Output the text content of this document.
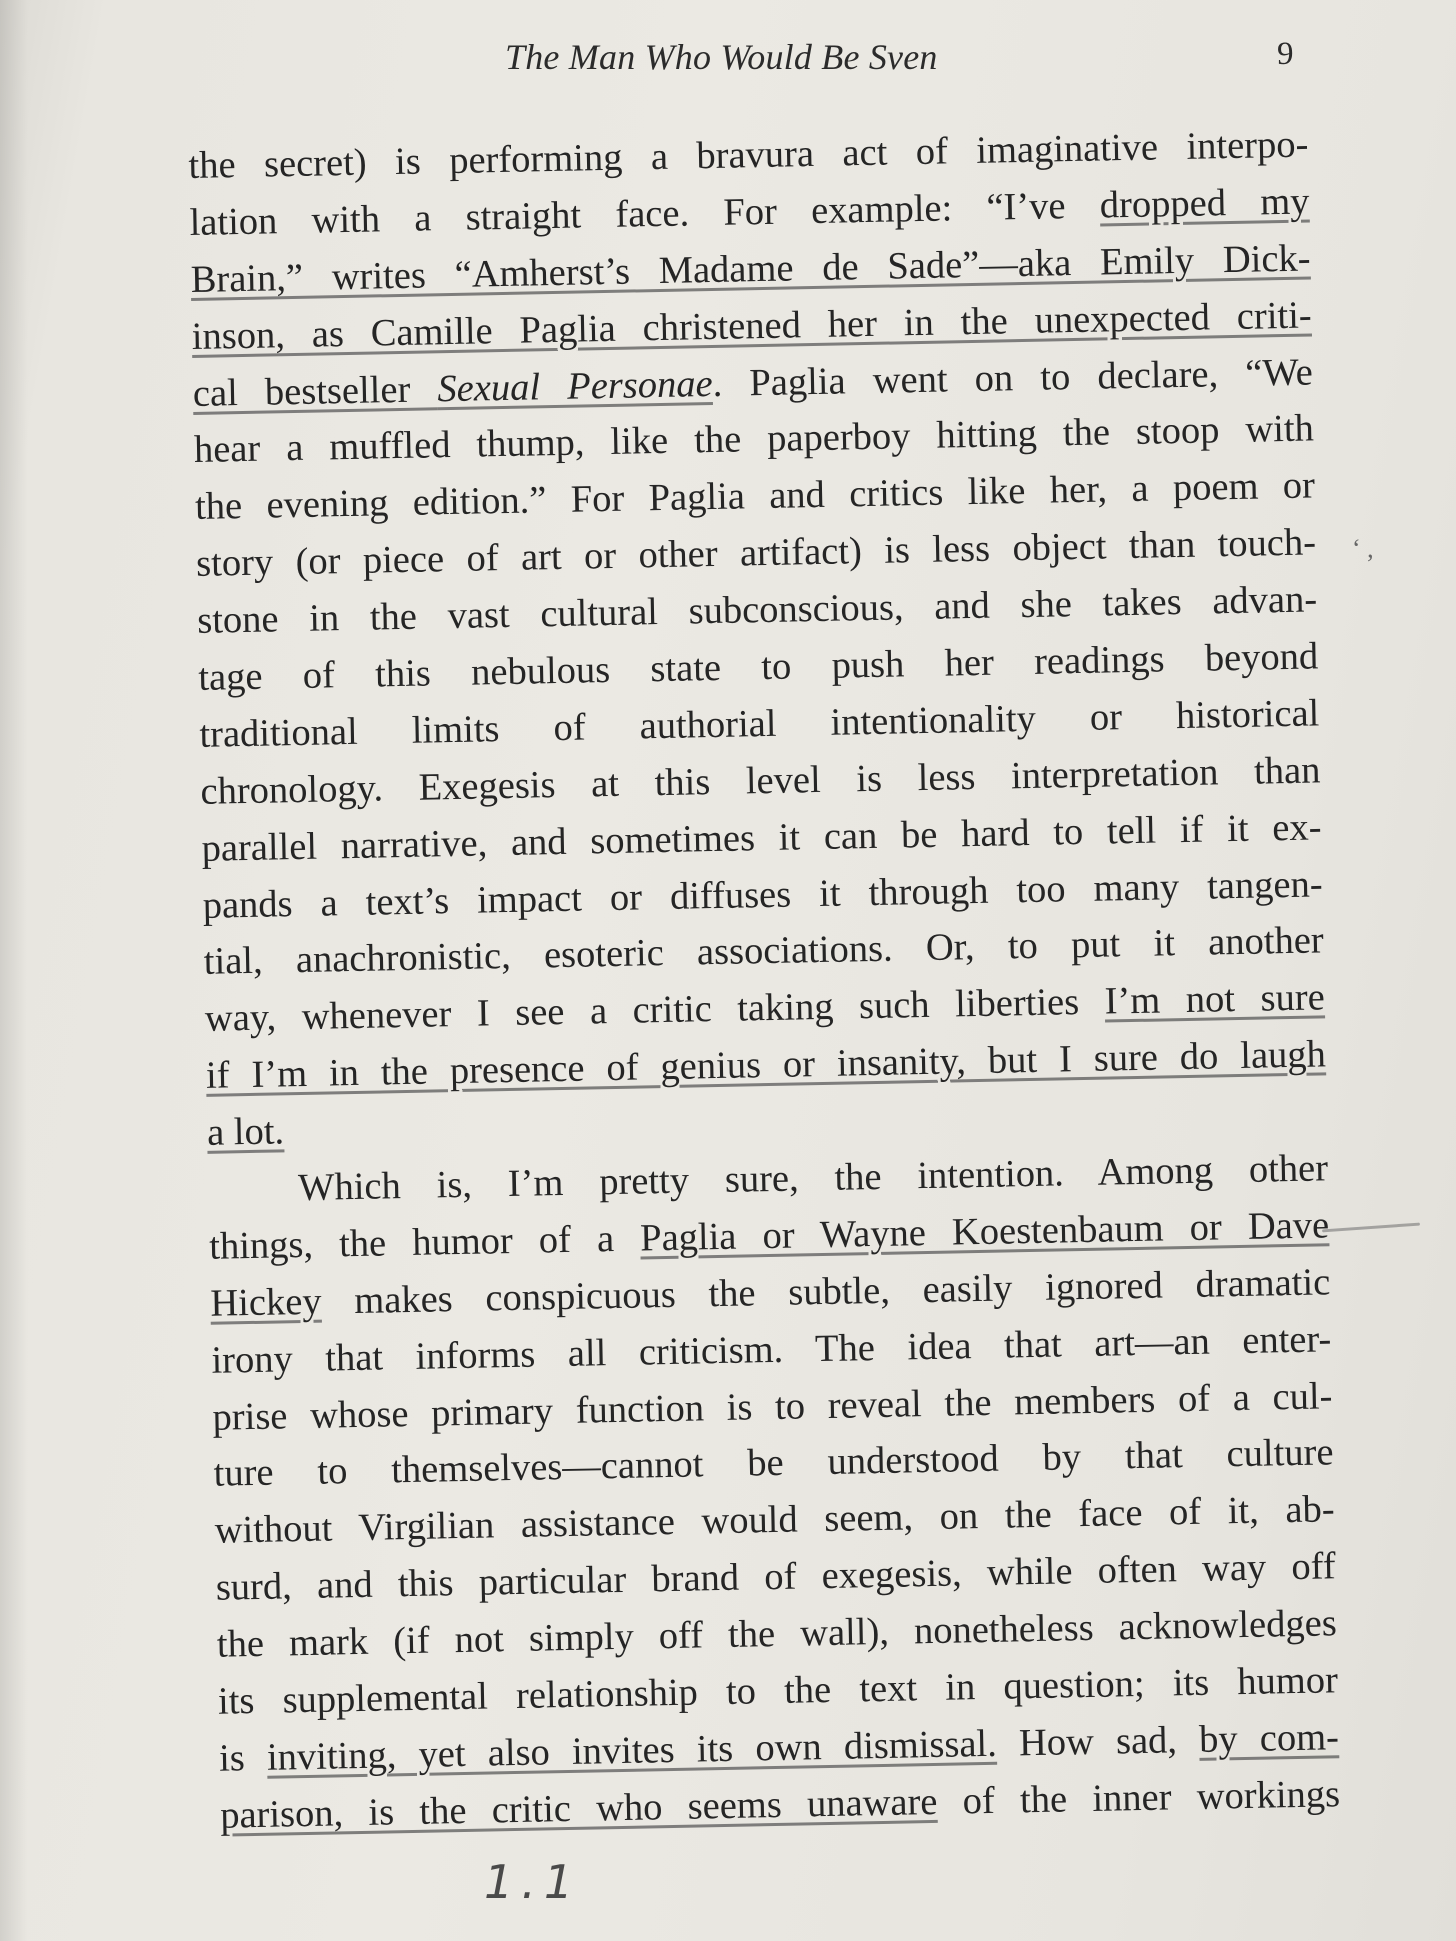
The Man Who Would Be Sven	9
the secret) is performing a bravura act of imaginative interpo-
lation with a straight face. For example: “I’ve dropped my
Brain,” writes “Amherst’s Madame de Sade”—aka Emily Dick-
inson, as Camille Paglia christened her in the unexpected criti-
cal bestseller Sexual Personae. Paglia went on to declare, “We
hear a muffled thump, like the paperboy hitting the stoop with
the evening edition.” For Paglia and critics like her, a poem or
story (or piece of art or other artifact) is less object than touch-
stone in the vast cultural subconscious, and she takes advan-
tage of this nebulous state to push her readings beyond
traditional limits of authorial intentionality or historical
chronology. Exegesis at this level is less interpretation than
parallel narrative, and sometimes it can be hard to tell if it ex-
pands a text’s impact or diffuses it through too many tangen-
tial, anachronistic, esoteric associations. Or, to put it another
way, whenever I see a critic taking such liberties I’m not sure
if I’m in the presence of genius or insanity, but I sure do laugh
a lot.
Which is, I’m pretty sure, the intention. Among other
things, the humor of a Paglia or Wayne Koestenbaum or Dave
Hickey makes conspicuous the subtle, easily ignored dramatic
irony that informs all criticism. The idea that art—an enter-
prise whose primary function is to reveal the members of a cul-
ture to themselves—cannot be understood by that culture
without Virgilian assistance would seem, on the face of it, ab-
surd, and this particular brand of exegesis, while often way off
the mark (if not simply off the wall), nonetheless acknowledges
its supplemental relationship to the text in question; its humor
is inviting, yet also invites its own dismissal. How sad, by com-
parison, is the critic who seems unaware of the inner workings
‘ ,
1.1
